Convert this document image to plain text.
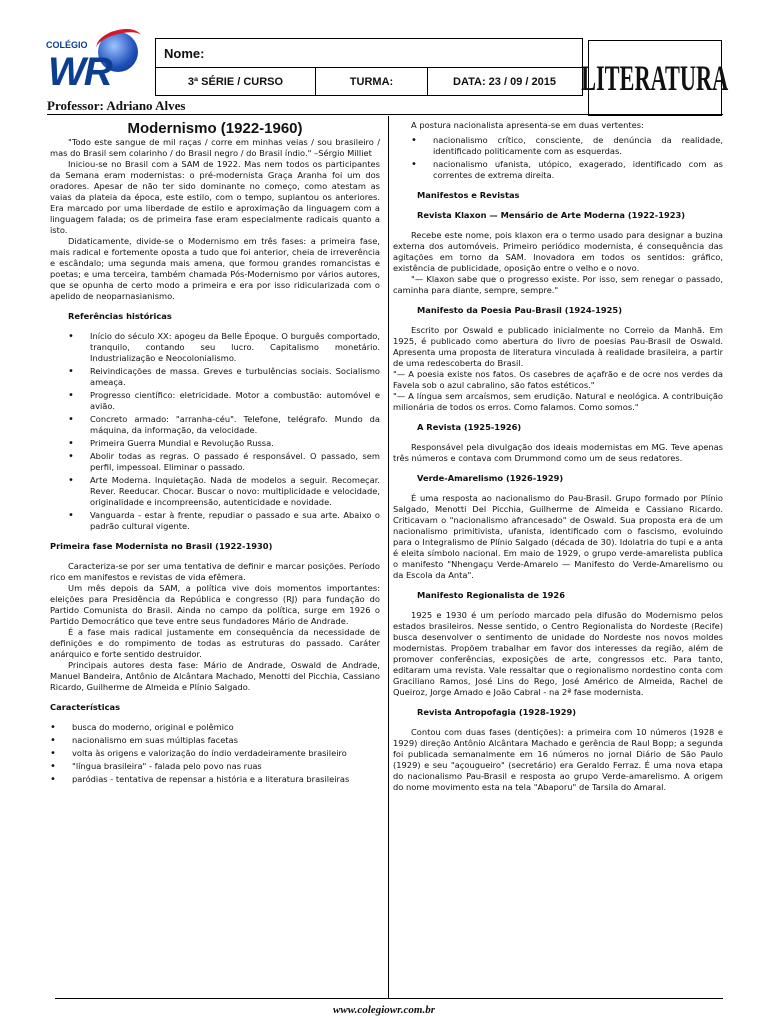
COLÉGIO
WR	Nome:
3ª SÉRIE / CURSO	TURMA:	DATA: 23 / 09 / 2015 LITERATURA
Professor: Adriano Alves

Modernismo (1922-1960)

"Todo este sangue de mil raças / corre em minhas veias / sou brasileiro / mas do Brasil sem colarinho / do Brasil negro / do Brasil índio." –Sérgio Milliet

Iniciou-se no Brasil com a SAM de 1922. Mas nem todos os participantes da Semana eram modernistas: o pré-modernista Graça Aranha foi um dos oradores. Apesar de não ter sido dominante no começo, como atestam as vaias da plateia da época, este estilo, com o tempo, suplantou os anteriores. Era marcado por uma liberdade de estilo e aproximação da linguagem com a linguagem falada; os de primeira fase eram especialmente radicais quanto a isto.

Didaticamente, divide-se o Modernismo em três fases: a primeira fase, mais radical e fortemente oposta a tudo que foi anterior, cheia de irreverência e escândalo; uma segunda mais amena, que formou grandes romancistas e poetas; e uma terceira, também chamada Pós-Modernismo por vários autores, que se opunha de certo modo a primeira e era por isso ridicularizada com o apelido de neoparnasianismo.

Referências históricas

• Início do século XX: apogeu da Belle Époque. O burguês comportado, tranquilo, contando seu lucro. Capitalismo monetário. Industrialização e Neocolonialismo.
• Reivindicações de massa. Greves e turbulências sociais. Socialismo ameaça.
• Progresso científico: eletricidade. Motor a combustão: automóvel e avião.
• Concreto armado: "arranha-céu". Telefone, telégrafo. Mundo da máquina, da informação, da velocidade.
• Primeira Guerra Mundial e Revolução Russa.
• Abolir todas as regras. O passado é responsável. O passado, sem perfil, impessoal. Eliminar o passado.
• Arte Moderna. Inquietação. Nada de modelos a seguir. Recomeçar. Rever. Reeducar. Chocar. Buscar o novo: multiplicidade e velocidade, originalidade e incompreensão, autenticidade e novidade.
• Vanguarda - estar à frente, repudiar o passado e sua arte. Abaixo o padrão cultural vigente.

Primeira fase Modernista no Brasil (1922-1930)

Caracteriza-se por ser uma tentativa de definir e marcar posições. Período rico em manifestos e revistas de vida efêmera.

Um mês depois da SAM, a política vive dois momentos importantes: eleições para Presidência da República e congresso (RJ) para fundação do Partido Comunista do Brasil. Ainda no campo da política, surge em 1926 o Partido Democrático que teve entre seus fundadores Mário de Andrade.

É a fase mais radical justamente em consequência da necessidade de definições e do rompimento de todas as estruturas do passado. Caráter anárquico e forte sentido destruidor.

Principais autores desta fase: Mário de Andrade, Oswald de Andrade, Manuel Bandeira, Antônio de Alcântara Machado, Menotti del Picchia, Cassiano Ricardo, Guilherme de Almeida e Plínio Salgado.

Características

• busca do moderno, original e polêmico
• nacionalismo em suas múltiplas facetas
• volta às origens e valorização do índio verdadeiramente brasileiro
• "língua brasileira" - falada pelo povo nas ruas
• paródias - tentativa de repensar a história e a literatura brasileiras

A postura nacionalista apresenta-se em duas vertentes:

• nacionalismo crítico, consciente, de denúncia da realidade, identificado politicamente com as esquerdas.
• nacionalismo ufanista, utópico, exagerado, identificado com as correntes de extrema direita.

Manifestos e Revistas

Revista Klaxon — Mensário de Arte Moderna (1922-1923)

Recebe este nome, pois klaxon era o termo usado para designar a buzina externa dos automóveis. Primeiro periódico modernista, é consequência das agitações em torno da SAM. Inovadora em todos os sentidos: gráfico, existência de publicidade, oposição entre o velho e o novo.

"— Klaxon sabe que o progresso existe. Por isso, sem renegar o passado, caminha para diante, sempre, sempre."

Manifesto da Poesia Pau-Brasil (1924-1925)

Escrito por Oswald e publicado inicialmente no Correio da Manhã. Em 1925, é publicado como abertura do livro de poesias Pau-Brasil de Oswald. Apresenta uma proposta de literatura vinculada à realidade brasileira, a partir de uma redescoberta do Brasil.

"— A poesia existe nos fatos. Os casebres de açafrão e de ocre nos verdes da Favela sob o azul cabralino, são fatos estéticos."

"— A língua sem arcaísmos, sem erudição. Natural e neológica. A contribuição milionária de todos os erros. Como falamos. Como somos."

A Revista (1925-1926)

Responsável pela divulgação dos ideais modernistas em MG. Teve apenas três números e contava com Drummond como um de seus redatores.

Verde-Amarelismo (1926-1929)

É uma resposta ao nacionalismo do Pau-Brasil. Grupo formado por Plínio Salgado, Menotti Del Picchia, Guilherme de Almeida e Cassiano Ricardo. Criticavam o "nacionalismo afrancesado" de Oswald. Sua proposta era de um nacionalismo primitivista, ufanista, identificado com o fascismo, evoluindo para o Integralismo de Plínio Salgado (década de 30). Idolatria do tupi e a anta é eleita símbolo nacional. Em maio de 1929, o grupo verde-amarelista publica o manifesto "Nhengaçu Verde-Amarelo — Manifesto do Verde-Amarelismo ou da Escola da Anta".

Manifesto Regionalista de 1926

1925 e 1930 é um período marcado pela difusão do Modernismo pelos estados brasileiros. Nesse sentido, o Centro Regionalista do Nordeste (Recife) busca desenvolver o sentimento de unidade do Nordeste nos novos moldes modernistas. Propõem trabalhar em favor dos interesses da região, além de promover conferências, exposições de arte, congressos etc. Para tanto, editaram uma revista. Vale ressaltar que o regionalismo nordestino conta com Graciliano Ramos, José Lins do Rego, José Américo de Almeida, Rachel de Queiroz, Jorge Amado e João Cabral - na 2ª fase modernista.

Revista Antropofagia (1928-1929)

Contou com duas fases (dentições): a primeira com 10 números (1928 e 1929) direção Antônio Alcântara Machado e gerência de Raul Bopp; a segunda foi publicada semanalmente em 16 números no jornal Diário de São Paulo (1929) e seu "açougueiro" (secretário) era Geraldo Ferraz. É uma nova etapa do nacionalismo Pau-Brasil e resposta ao grupo Verde-amarelismo. A origem do nome movimento esta na tela "Abaporu" de Tarsila do Amaral.

www.colegiowr.com.br
